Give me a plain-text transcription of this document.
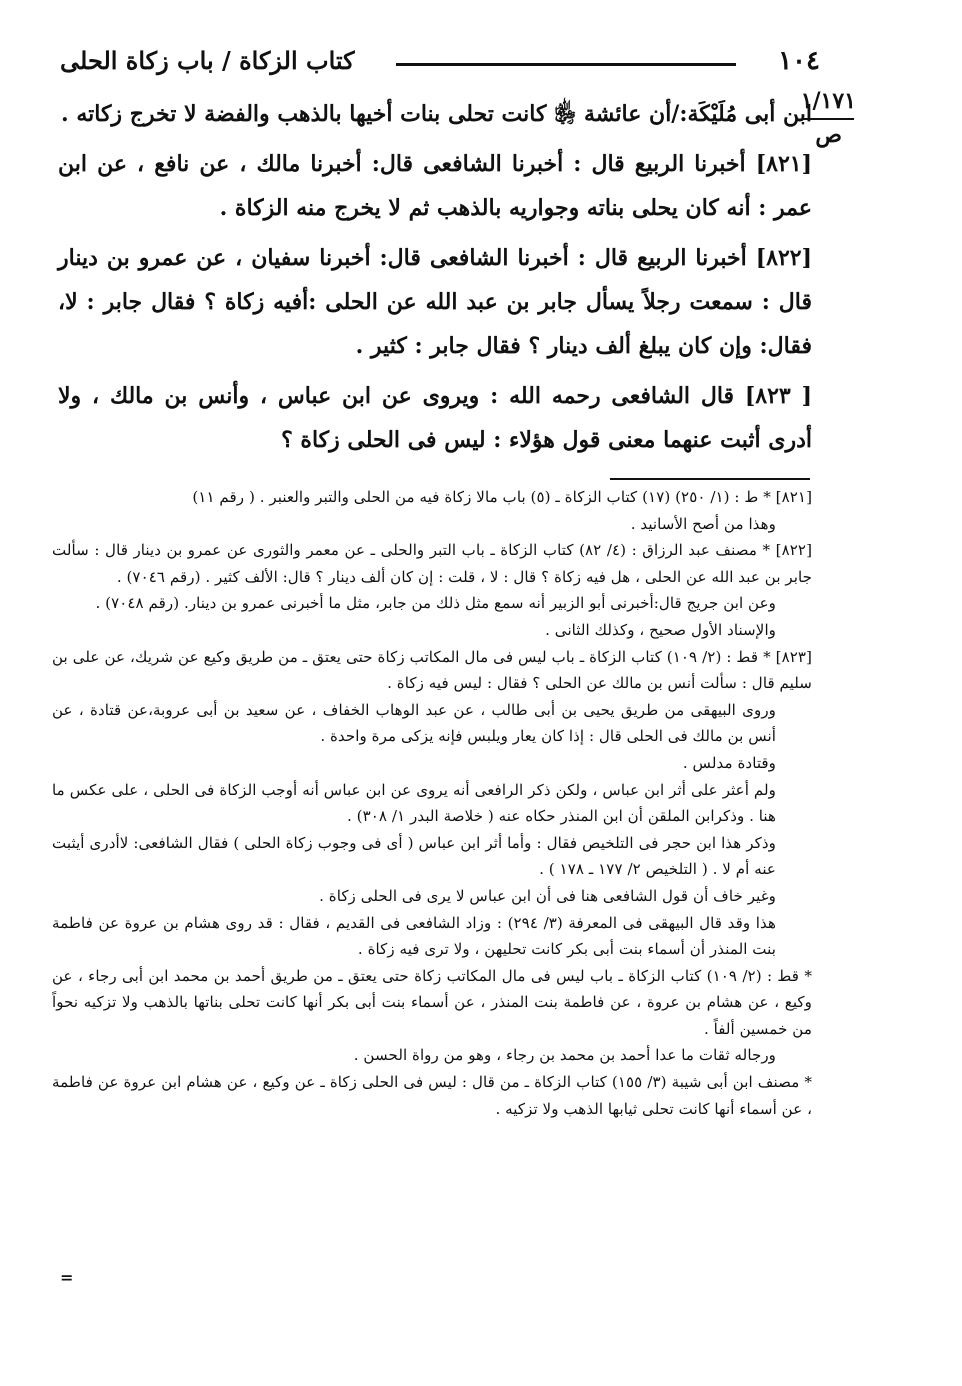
١٠٤
كتاب الزكاة / باب زكاة الحلى
١/١٧١
ص

ابن أبى مُلَيْكَة:/أن عائشة ﵂ كانت تحلى بنات أخيها بالذهب والفضة لا تخرج زكاته .

[٨٢١] أخبرنا الربيع قال : أخبرنا الشافعى قال: أخبرنا مالك ، عن نافع ، عن ابن عمر : أنه كان يحلى بناته وجواريه بالذهب ثم لا يخرج منه الزكاة .

[٨٢٢] أخبرنا الربيع قال : أخبرنا الشافعى قال: أخبرنا سفيان ، عن عمرو بن دينار قال : سمعت رجلاً يسأل جابر بن عبد الله عن الحلى :أفيه زكاة ؟ فقال جابر : لا، فقال: وإن كان يبلغ ألف دينار ؟ فقال جابر : كثير .

[ ٨٢٣] قال الشافعى رحمه الله : ويروى عن ابن عباس ، وأنس بن مالك ، ولا أدرى أثبت عنهما معنى قول هؤلاء : ليس فى الحلى زكاة ؟

[٨٢١] * ط : (١/ ٢٥٠) (١٧) كتاب الزكاة ـ (٥) باب مالا زكاة فيه من الحلى والتبر والعنبر . ( رقم ١١)

وهذا من أصح الأسانيد .

[٨٢٢] * مصنف عبد الرزاق : (٤/ ٨٢) كتاب الزكاة ـ باب التبر والحلى ـ عن معمر والثورى عن عمرو بن دينار قال : سألت جابر بن عبد الله عن الحلى ، هل فيه زكاة ؟ قال : لا ، قلت : إن كان ألف دينار ؟ قال: الألف كثير . (رقم ٧٠٤٦) .

وعن ابن جريج قال:أخبرنى أبو الزبير أنه سمع مثل ذلك من جابر، مثل ما أخبرنى عمرو بن دينار. (رقم ٧٠٤٨) .

والإسناد الأول صحيح ، وكذلك الثانى .

[٨٢٣] * قط : (٢/ ١٠٩) كتاب الزكاة ـ باب ليس فى مال المكاتب زكاة حتى يعتق ـ من طريق وكيع عن شريك، عن على بن سليم قال : سألت أنس بن مالك عن الحلى ؟ فقال : ليس فيه زكاة .

وروى البيهقى من طريق يحيى بن أبى طالب ، عن عبد الوهاب الخفاف ، عن سعيد بن أبى عروبة،عن قتادة ، عن أنس بن مالك فى الحلى قال : إذا كان يعار ويلبس فإنه يزكى مرة واحدة .

وقتادة مدلس .

ولم أعثر على أثر ابن عباس ، ولكن ذكر الرافعى أنه يروى عن ابن عباس أنه أوجب الزكاة فى الحلى ، على عكس ما هنا . وذكرابن الملقن أن ابن المنذر حكاه عنه ( خلاصة البدر ١/ ٣٠٨) .

وذكر هذا ابن حجر فى التلخيص فقال : وأما أثر ابن عباس ( أى فى وجوب زكاة الحلى ) فقال الشافعى: لاأدرى أيثبت عنه أم لا . ( التلخيص ٢/ ١٧٧ ـ ١٧٨ ) .

وغير خاف أن قول الشافعى هنا فى أن ابن عباس لا يرى فى الحلى زكاة .

هذا وقد قال البيهقى فى المعرفة (٣/ ٢٩٤) : وزاد الشافعى فى القديم ، فقال : قد روى هشام بن عروة عن فاطمة بنت المنذر أن أسماء بنت أبى بكر كانت تحليهن ، ولا ترى فيه زكاة .

* قط : (٢/ ١٠٩) كتاب الزكاة ـ باب ليس فى مال المكاتب زكاة حتى يعتق ـ من طريق أحمد بن محمد ابن أبى رجاء ، عن وكيع ، عن هشام بن عروة ، عن فاطمة بنت المنذر ، عن أسماء بنت أبى بكر أنها كانت تحلى بناتها بالذهب ولا تزكيه نحواً من خمسين ألفاً .

ورجاله ثقات ما عدا أحمد بن محمد بن رجاء ، وهو من رواة الحسن .

* مصنف ابن أبى شيبة (٣/ ١٥٥) كتاب الزكاة ـ من قال : ليس فى الحلى زكاة ـ عن وكيع ، عن هشام ابن عروة عن فاطمة ، عن أسماء أنها كانت تحلى ثيابها الذهب ولا تزكيه .

=
